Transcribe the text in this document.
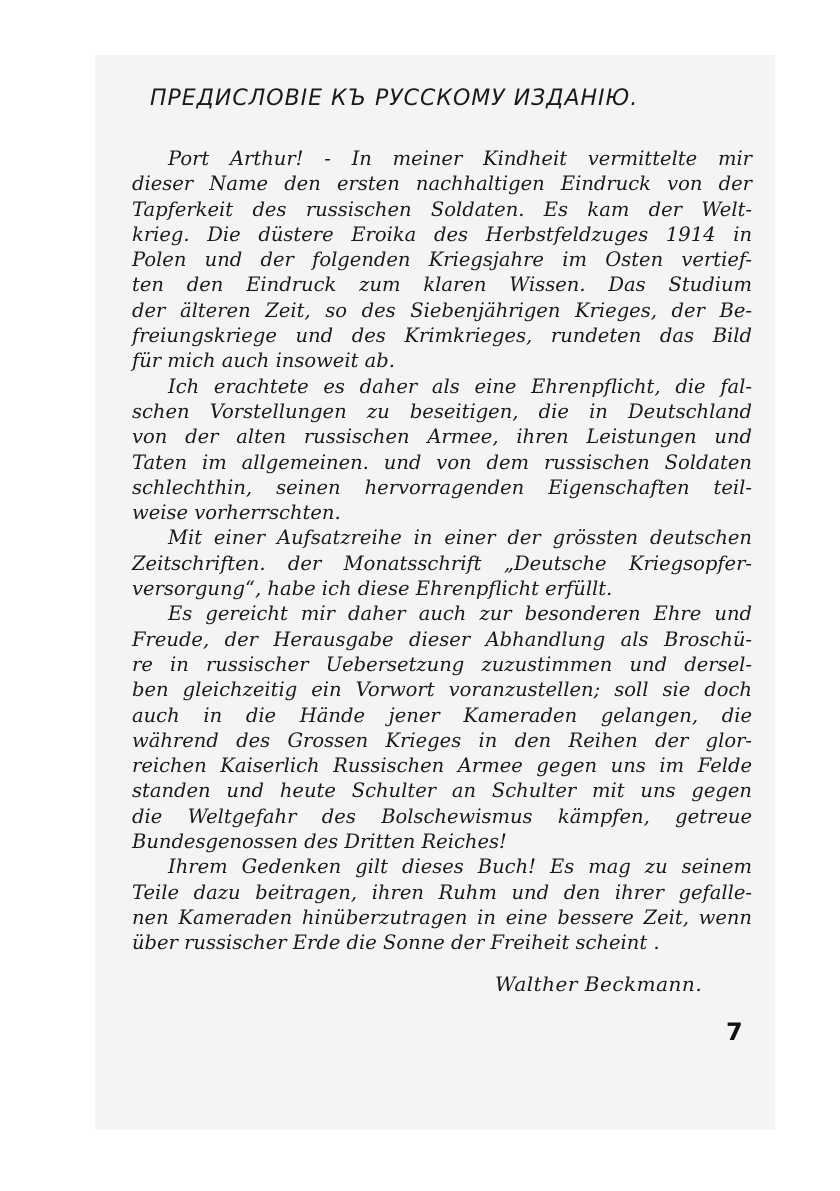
ПРЕДИСЛОВІЕ КЪ РУССКОМУ ИЗДАНІЮ.
Port Arthur! - In meiner Kindheit vermittelte mir
dieser Name den ersten nachhaltigen Eindruck von der
Tapferkeit des russischen Soldaten. Es kam der Welt-
krieg. Die düstere Eroika des Herbstfeldzuges 1914 in
Polen und der folgenden Kriegsjahre im Osten vertief-
ten den Eindruck zum klaren Wissen. Das Studium
der älteren Zeit, so des Siebenjährigen Krieges, der Be-
freiungskriege und des Krimkrieges, rundeten das Bild
für mich auch insoweit ab.
Ich erachtete es daher als eine Ehrenpflicht, die fal-
schen Vorstellungen zu beseitigen, die in Deutschland
von der alten russischen Armee, ihren Leistungen und
Taten im allgemeinen. und von dem russischen Soldaten
schlechthin, seinen hervorragenden Eigenschaften teil-
weise vorherrschten.
Mit einer Aufsatzreihe in einer der grössten deutschen
Zeitschriften. der Monatsschrift „Deutsche Kriegsopfer-
versorgung“, habe ich diese Ehrenpflicht erfüllt.
Es gereicht mir daher auch zur besonderen Ehre und
Freude, der Herausgabe dieser Abhandlung als Broschü-
re in russischer Uebersetzung zuzustimmen und dersel-
ben gleichzeitig ein Vorwort voranzustellen; soll sie doch
auch in die Hände jener Kameraden gelangen, die
während des Grossen Krieges in den Reihen der glor-
reichen Kaiserlich Russischen Armee gegen uns im Felde
standen und heute Schulter an Schulter mit uns gegen
die Weltgefahr des Bolschewismus kämpfen, getreue
Bundesgenossen des Dritten Reiches!
Ihrem Gedenken gilt dieses Buch! Es mag zu seinem
Teile dazu beitragen, ihren Ruhm und den ihrer gefalle-
nen Kameraden hinüberzutragen in eine bessere Zeit, wenn
über russischer Erde die Sonne der Freiheit scheint .
Walther Beckmann.
7
